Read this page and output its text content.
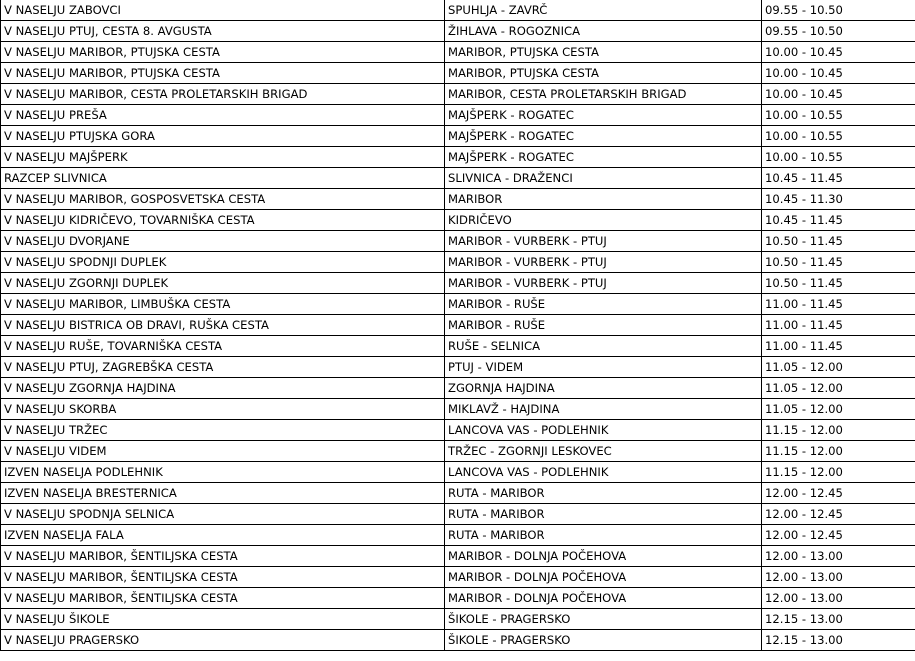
V NASELJU ZABOVCI	SPUHLJA - ZAVRČ	09.55 - 10.50
V NASELJU PTUJ, CESTA 8. AVGUSTA	ŽIHLAVA - ROGOZNICA	09.55 - 10.50
V NASELJU MARIBOR, PTUJSKA CESTA	MARIBOR, PTUJSKA CESTA	10.00 - 10.45
V NASELJU MARIBOR, PTUJSKA CESTA	MARIBOR, PTUJSKA CESTA	10.00 - 10.45
V NASELJU MARIBOR, CESTA PROLETARSKIH BRIGAD	MARIBOR, CESTA PROLETARSKIH BRIGAD	10.00 - 10.45
V NASELJU PREŠA	MAJŠPERK - ROGATEC	10.00 - 10.55
V NASELJU PTUJSKA GORA	MAJŠPERK - ROGATEC	10.00 - 10.55
V NASELJU MAJŠPERK	MAJŠPERK - ROGATEC	10.00 - 10.55
RAZCEP SLIVNICA	SLIVNICA - DRAŽENCI	10.45 - 11.45
V NASELJU MARIBOR, GOSPOSVETSKA CESTA	MARIBOR	10.45 - 11.30
V NASELJU KIDRIČEVO, TOVARNIŠKA CESTA	KIDRIČEVO	10.45 - 11.45
V NASELJU DVORJANE	MARIBOR - VURBERK - PTUJ	10.50 - 11.45
V NASELJU SPODNJI DUPLEK	MARIBOR - VURBERK - PTUJ	10.50 - 11.45
V NASELJU ZGORNJI DUPLEK	MARIBOR - VURBERK - PTUJ	10.50 - 11.45
V NASELJU MARIBOR, LIMBUŠKA CESTA	MARIBOR - RUŠE	11.00 - 11.45
V NASELJU BISTRICA OB DRAVI, RUŠKA CESTA	MARIBOR - RUŠE	11.00 - 11.45
V NASELJU RUŠE, TOVARNIŠKA CESTA	RUŠE - SELNICA	11.00 - 11.45
V NASELJU PTUJ, ZAGREBŠKA CESTA	PTUJ - VIDEM	11.05 - 12.00
V NASELJU ZGORNJA HAJDINA	ZGORNJA HAJDINA	11.05 - 12.00
V NASELJU SKORBA	MIKLAVŽ - HAJDINA	11.05 - 12.00
V NASELJU TRŽEC	LANCOVA VAS - PODLEHNIK	11.15 - 12.00
V NASELJU VIDEM	TRŽEC - ZGORNJI LESKOVEC	11.15 - 12.00
IZVEN NASELJA PODLEHNIK	LANCOVA VAS - PODLEHNIK	11.15 - 12.00
IZVEN NASELJA BRESTERNICA	RUTA - MARIBOR	12.00 - 12.45
V NASELJU SPODNJA SELNICA	RUTA - MARIBOR	12.00 - 12.45
IZVEN NASELJA FALA	RUTA - MARIBOR	12.00 - 12.45
V NASELJU MARIBOR, ŠENTILJSKA CESTA	MARIBOR - DOLNJA POČEHOVA	12.00 - 13.00
V NASELJU MARIBOR, ŠENTILJSKA CESTA	MARIBOR - DOLNJA POČEHOVA	12.00 - 13.00
V NASELJU MARIBOR, ŠENTILJSKA CESTA	MARIBOR - DOLNJA POČEHOVA	12.00 - 13.00
V NASELJU ŠIKOLE	ŠIKOLE - PRAGERSKO	12.15 - 13.00
V NASELJU PRAGERSKO	ŠIKOLE - PRAGERSKO	12.15 - 13.00
